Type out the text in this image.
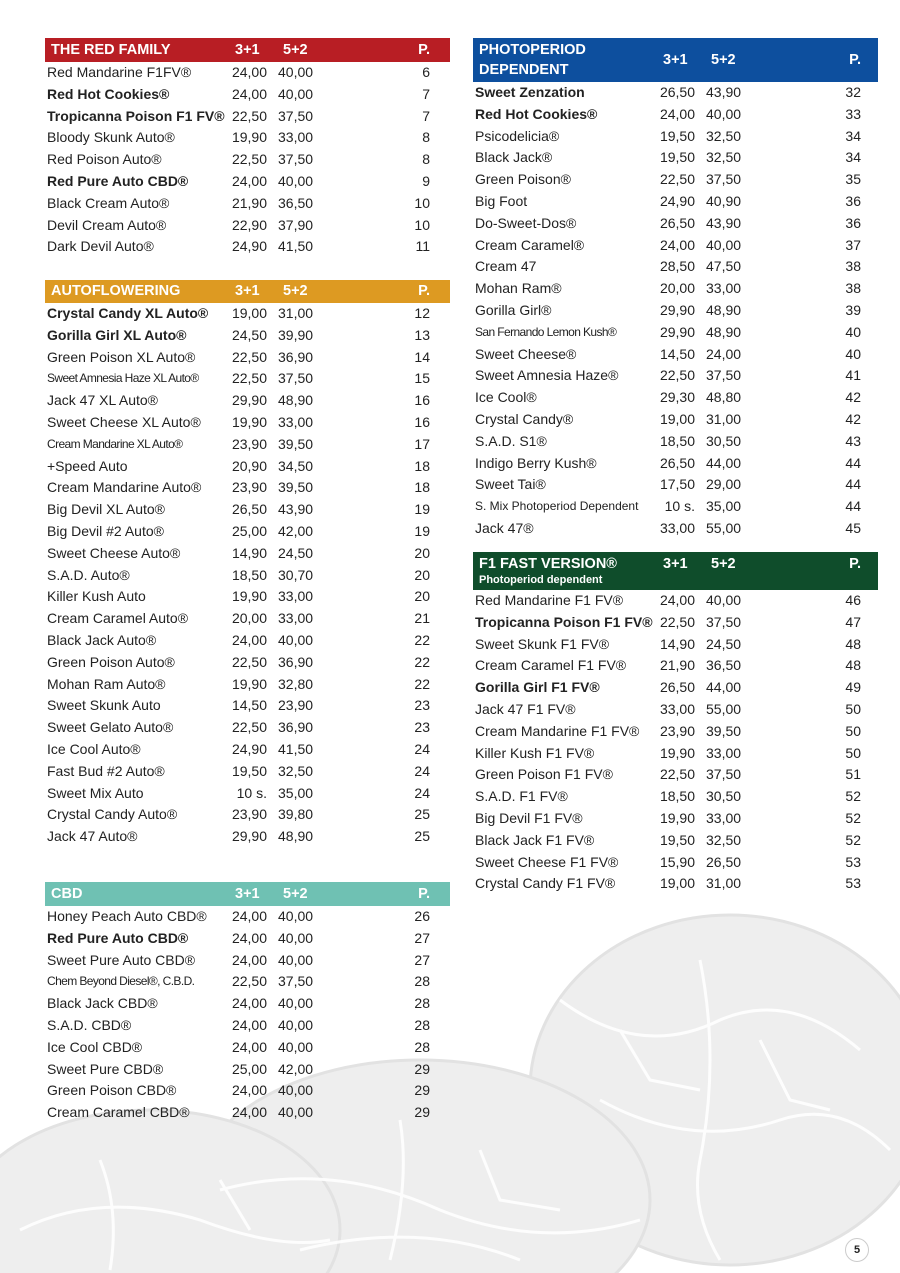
THE RED FAMILY	3+1 5+2	P.
Red Mandarine F1FV®	24,00 40,00	6
Red Hot Cookies®	24,00 40,00	7
Tropicanna Poison F1 FV® 22,50 37,50	7
Bloody Skunk Auto®	19,90 33,00	8
Red Poison Auto®	22,50 37,50	8
Red Pure Auto CBD®	24,00 40,00	9
Black Cream Auto®	21,90 36,50	10
Devil Cream Auto®	22,90 37,90	10
Dark Devil Auto®	24,90 41,50	11
AUTOFLOWERING	3+1 5+2	P.
Crystal Candy XL Auto®	19,00 31,00	12
Gorilla Girl XL Auto®	24,50 39,90	13
Green Poison XL Auto®	22,50 36,90	14
Sweet Amnesia Haze XL Auto®	22,50 37,50	15
Jack 47 XL Auto®	29,90 48,90	16
Sweet Cheese XL Auto®	19,90 33,00	16
Cream Mandarine XL Auto®	23,90 39,50	17
+Speed Auto	20,90 34,50	18
Cream Mandarine Auto®	23,90 39,50	18
Big Devil XL Auto®	26,50 43,90	19
Big Devil #2 Auto®	25,00 42,00	19
Sweet Cheese Auto®	14,90 24,50	20
S.A.D. Auto®	18,50 30,70	20
Killer Kush Auto	19,90 33,00	20
Cream Caramel Auto®	20,00 33,00	21
Black Jack Auto®	24,00 40,00	22
Green Poison Auto®	22,50 36,90	22
Mohan Ram Auto®	19,90 32,80	22
Sweet Skunk Auto	14,50 23,90	23
Sweet Gelato Auto®	22,50 36,90	23
Ice Cool Auto®	24,90 41,50	24
Fast Bud #2 Auto®	19,50 32,50	24
Sweet Mix Auto	10 s. 35,00	24
Crystal Candy Auto®	23,90 39,80	25
Jack 47 Auto®	29,90 48,90	25
CBD	3+1 5+2	P.
Honey Peach Auto CBD®	24,00 40,00	26
Red Pure Auto CBD®	24,00 40,00	27
Sweet Pure Auto CBD®	24,00 40,00	27
Chem Beyond Diesel®, C.B.D.	22,50 37,50	28
Black Jack CBD®	24,00 40,00	28
S.A.D. CBD®	24,00 40,00	28
Ice Cool CBD®	24,00 40,00	28
Sweet Pure CBD®	25,00 42,00	29
Green Poison CBD®	24,00 40,00	29
Cream Caramel CBD®	24,00 40,00	29
PHOTOPERIOD
DEPENDENT
3+1 5+2	P.
Sweet Zenzation	26,50 43,90	32
Red Hot Cookies®	24,00 40,00	33
Psicodelicia®	19,50 32,50	34
Black Jack®	19,50 32,50	34
Green Poison®	22,50 37,50	35
Big Foot	24,90 40,90	36
Do-Sweet-Dos®	26,50 43,90	36
Cream Caramel®	24,00 40,00	37
Cream 47	28,50 47,50	38
Mohan Ram®	20,00 33,00	38
Gorilla Girl®	29,90 48,90	39
San Fernando Lemon Kush®	29,90 48,90	40
Sweet Cheese®	14,50 24,00	40
Sweet Amnesia Haze®	22,50 37,50	41
Ice Cool®	29,30 48,80	42
Crystal Candy®	19,00 31,00	42
S.A.D. S1®	18,50 30,50	43
Indigo Berry Kush®	26,50 44,00	44
Sweet Tai®	17,50 29,00	44
S. Mix Photoperiod Dependent	10 s. 35,00	44
Jack 47®	33,00 55,00	45
F1 FAST VERSION®
Photoperiod dependent
3+1 5+2	P.
Red Mandarine F1 FV®	24,00 40,00	46
Tropicanna Poison F1 FV® 22,50 37,50	47
Sweet Skunk F1 FV®	14,90 24,50	48
Cream Caramel F1 FV®	21,90 36,50	48
Gorilla Girl F1 FV®	26,50 44,00	49
Jack 47 F1 FV®	33,00 55,00	50
Cream Mandarine F1 FV®	23,90 39,50	50
Killer Kush F1 FV®	19,90 33,00	50
Green Poison F1 FV®	22,50 37,50	51
S.A.D. F1 FV®	18,50 30,50	52
Big Devil F1 FV®	19,90 33,00	52
Black Jack F1 FV®	19,50 32,50	52
Sweet Cheese F1 FV®	15,90 26,50	53
Crystal Candy F1 FV®	19,00 31,00	53
5
